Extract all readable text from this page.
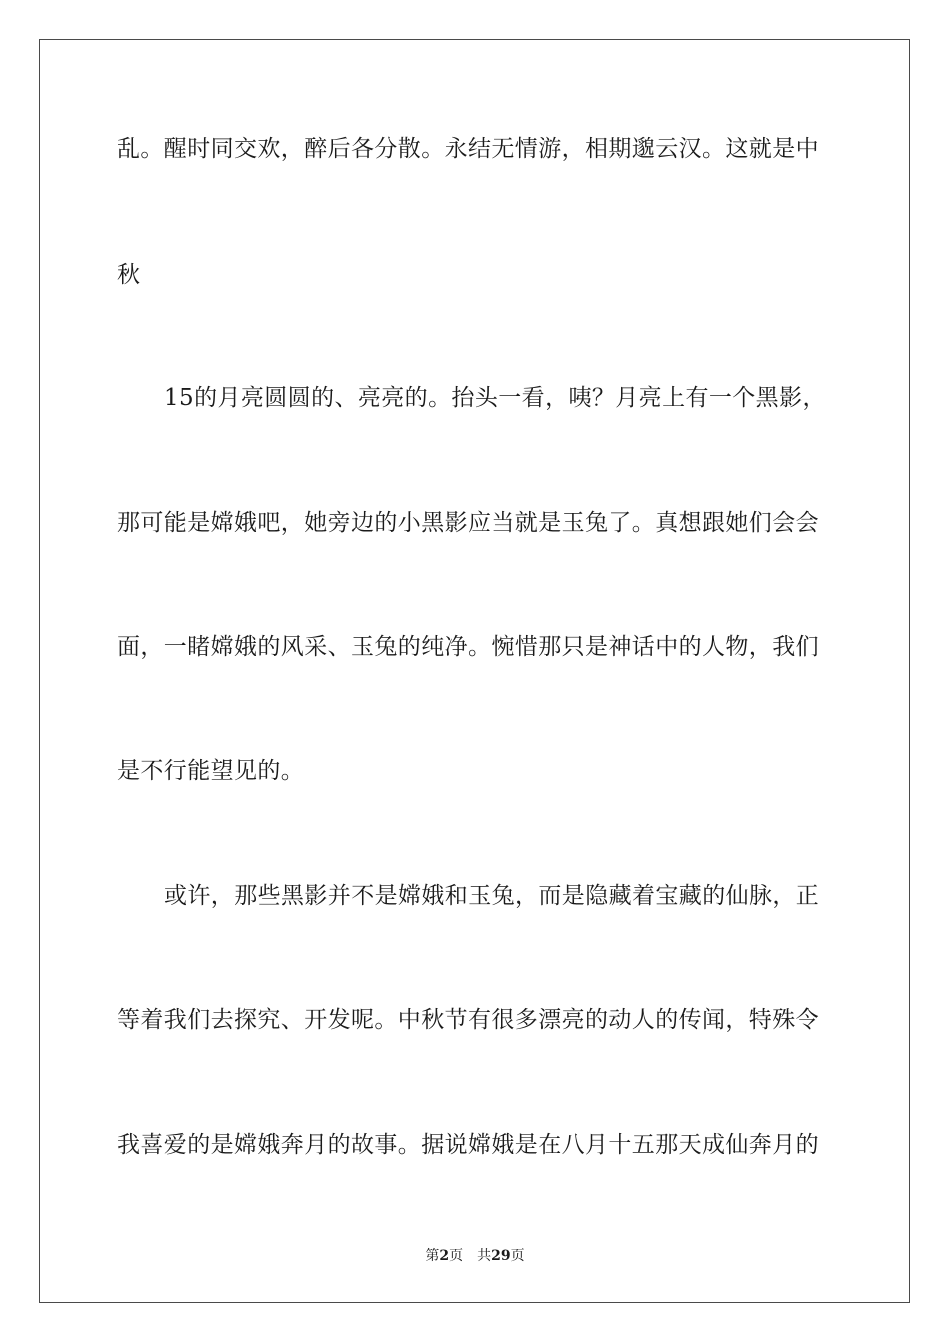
乱。醒时同交欢，醉后各分散。永结无情游，相期邈云汉。这就是中
秋
15的月亮圆圆的、亮亮的。抬头一看，咦？月亮上有一个黑影，
那可能是嫦娥吧，她旁边的小黑影应当就是玉兔了。真想跟她们会会
面，一睹嫦娥的风采、玉兔的纯净。惋惜那只是神话中的人物，我们
是不行能望见的。
或许，那些黑影并不是嫦娥和玉兔，而是隐藏着宝藏的仙脉，正
等着我们去探究、开发呢。中秋节有很多漂亮的动人的传闻，特殊令
我喜爱的是嫦娥奔月的故事。据说嫦娥是在八月十五那天成仙奔月的
第2页 共29页
